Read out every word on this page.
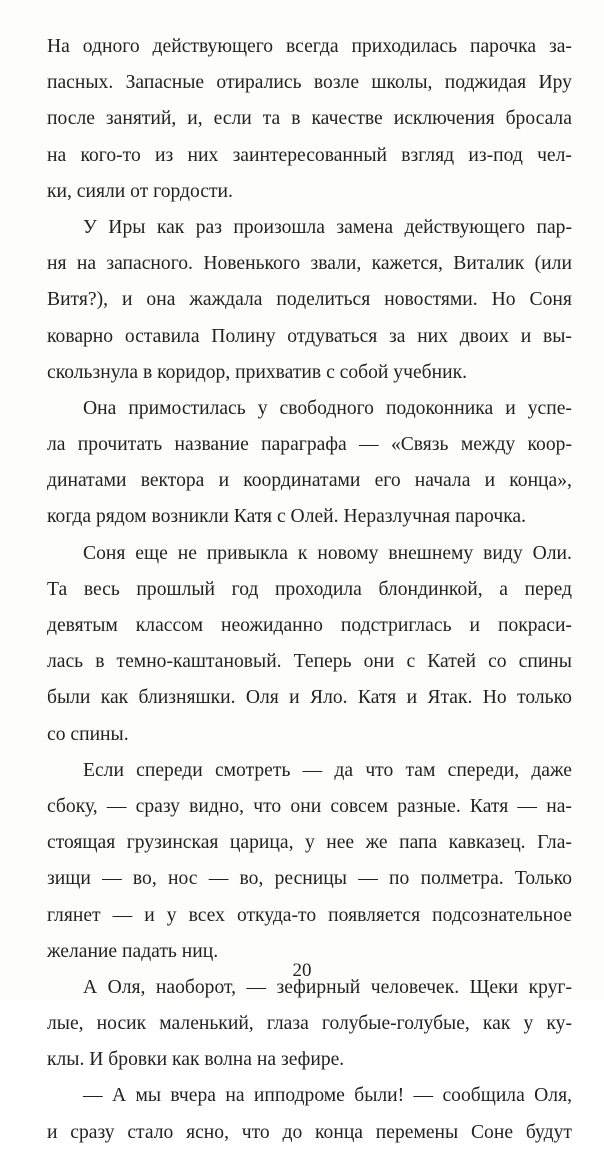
На одного действующего всегда приходилась парочка за-
пасных. Запасные отирались возле школы, поджидая Иру
после занятий, и, если та в качестве исключения бросала
на кого-то из них заинтересованный взгляд из-под чел-
ки, сияли от гордости.
У Иры как раз произошла замена действующего пар-
ня на запасного. Новенького звали, кажется, Виталик (или
Витя?), и она жаждала поделиться новостями. Но Соня
коварно оставила Полину отдуваться за них двоих и вы-
скользнула в коридор, прихватив с собой учебник.
Она примостилась у свободного подоконника и успе-
ла прочитать название параграфа — «Связь между коор-
динатами вектора и координатами его начала и конца»,
когда рядом возникли Катя с Олей. Неразлучная парочка.
Соня еще не привыкла к новому внешнему виду Оли.
Та весь прошлый год проходила блондинкой, а перед
девятым классом неожиданно подстриглась и покраси-
лась в темно-каштановый. Теперь они с Катей со спины
были как близняшки. Оля и Яло. Катя и Ятак. Но только
со спины.
Если спереди смотреть — да что там спереди, даже
сбоку, — сразу видно, что они совсем разные. Катя — на-
стоящая грузинская царица, у нее же папа кавказец. Гла-
зищи — во, нос — во, ресницы — по полметра. Только
глянет — и у всех откуда-то появляется подсознательное
желание падать ниц.
А Оля, наоборот, — зефирный человечек. Щеки круг-
лые, носик маленький, глаза голубые-голубые, как у ку-
клы. И бровки как волна на зефире.
— А мы вчера на ипподроме были! — сообщила Оля,
и сразу стало ясно, что до конца перемены Соне будут
20
